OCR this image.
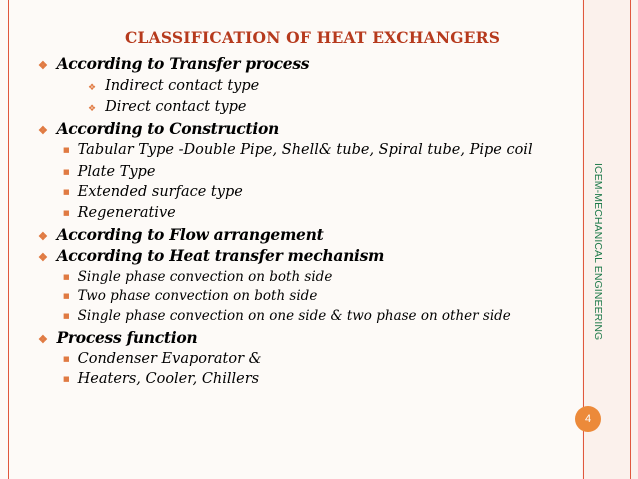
CLASSIFICATION OF HEAT EXCHANGERS
❖ According to Transfer process
❖ Indirect contact type
❖ Direct contact type
❖ According to Construction
■ Tabular Type -Double Pipe, Shell& tube, Spiral tube, Pipe coil
■ Plate Type
■ Extended surface type
■ Regenerative
❖ According to Flow arrangement
❖ According to Heat transfer mechanism
■ Single phase convection on both side
■ Two phase convection on both side
■ Single phase convection on one side & two phase on other side
❖ Process function
■ Condenser Evaporator &
■ Heaters, Cooler, Chillers
ICEM-MECHANICAL ENGINEERING
4
